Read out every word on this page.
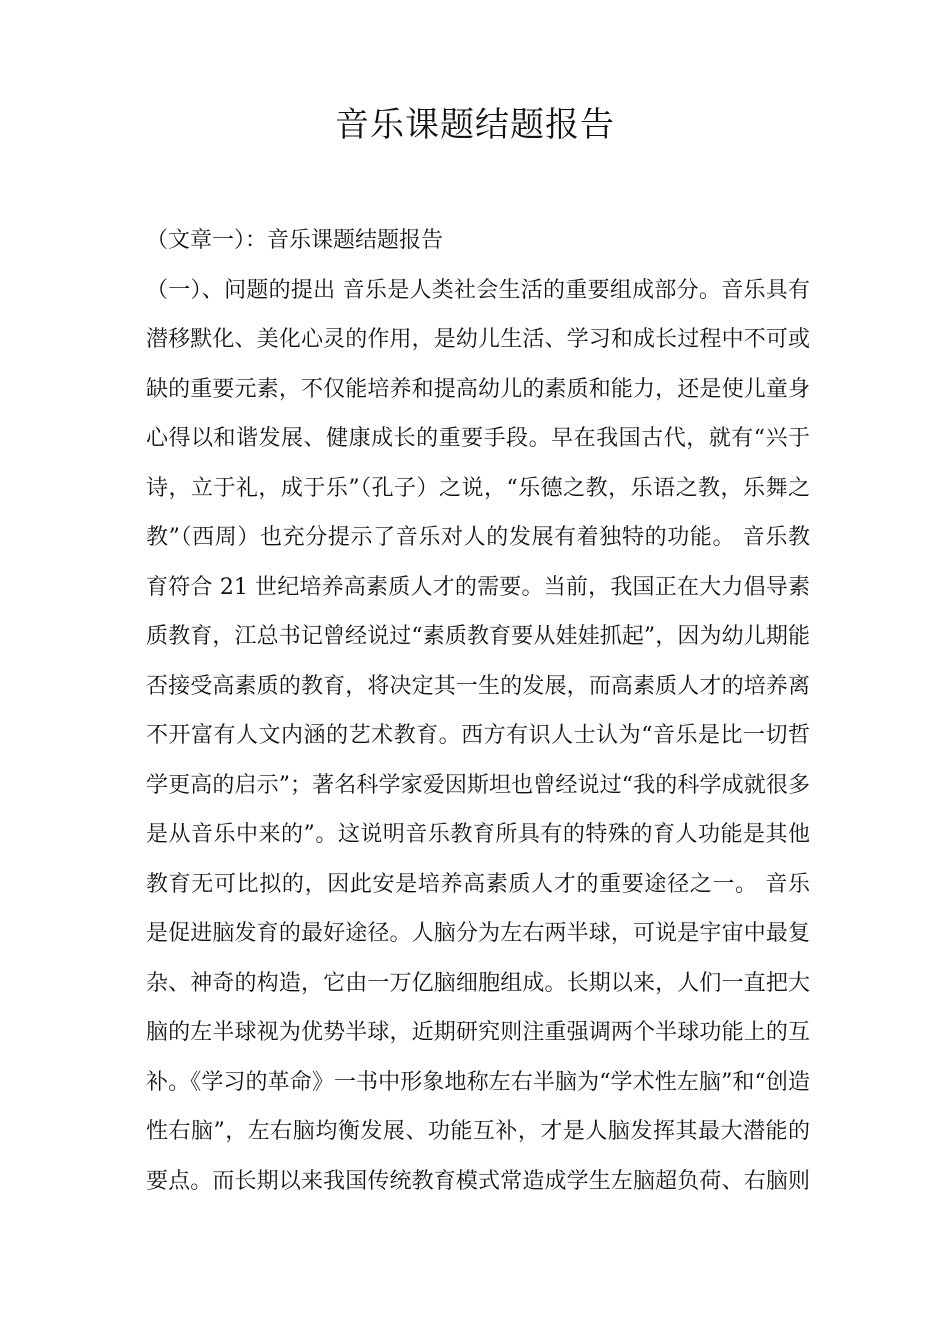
音乐课题结题报告
（文章一）：音乐课题结题报告
（一）、问题的提出 音乐是人类社会生活的重要组成部分。音乐具有
潜移默化、美化心灵的作用，是幼儿生活、学习和成长过程中不可或
缺的重要元素，不仅能培养和提高幼儿的素质和能力，还是使儿童身
心得以和谐发展、健康成长的重要手段。早在我国古代，就有“兴于
诗，立于礼，成于乐”（孔子）之说，“乐德之教，乐语之教，乐舞之
教”（西周）也充分提示了音乐对人的发展有着独特的功能。 音乐教
育符合 21 世纪培养高素质人才的需要。当前，我国正在大力倡导素
质教育，江总书记曾经说过“素质教育要从娃娃抓起”，因为幼儿期能
否接受高素质的教育，将决定其一生的发展，而高素质人才的培养离
不开富有人文内涵的艺术教育。西方有识人士认为“音乐是比一切哲
学更高的启示”；著名科学家爱因斯坦也曾经说过“我的科学成就很多
是从音乐中来的”。这说明音乐教育所具有的特殊的育人功能是其他
教育无可比拟的，因此安是培养高素质人才的重要途径之一。 音乐
是促进脑发育的最好途径。人脑分为左右两半球，可说是宇宙中最复
杂、神奇的构造，它由一万亿脑细胞组成。长期以来，人们一直把大
脑的左半球视为优势半球，近期研究则注重强调两个半球功能上的互
补。《学习的革命》一书中形象地称左右半脑为“学术性左脑”和“创造
性右脑”，左右脑均衡发展、功能互补，才是人脑发挥其最大潜能的
要点。而长期以来我国传统教育模式常造成学生左脑超负荷、右脑则
